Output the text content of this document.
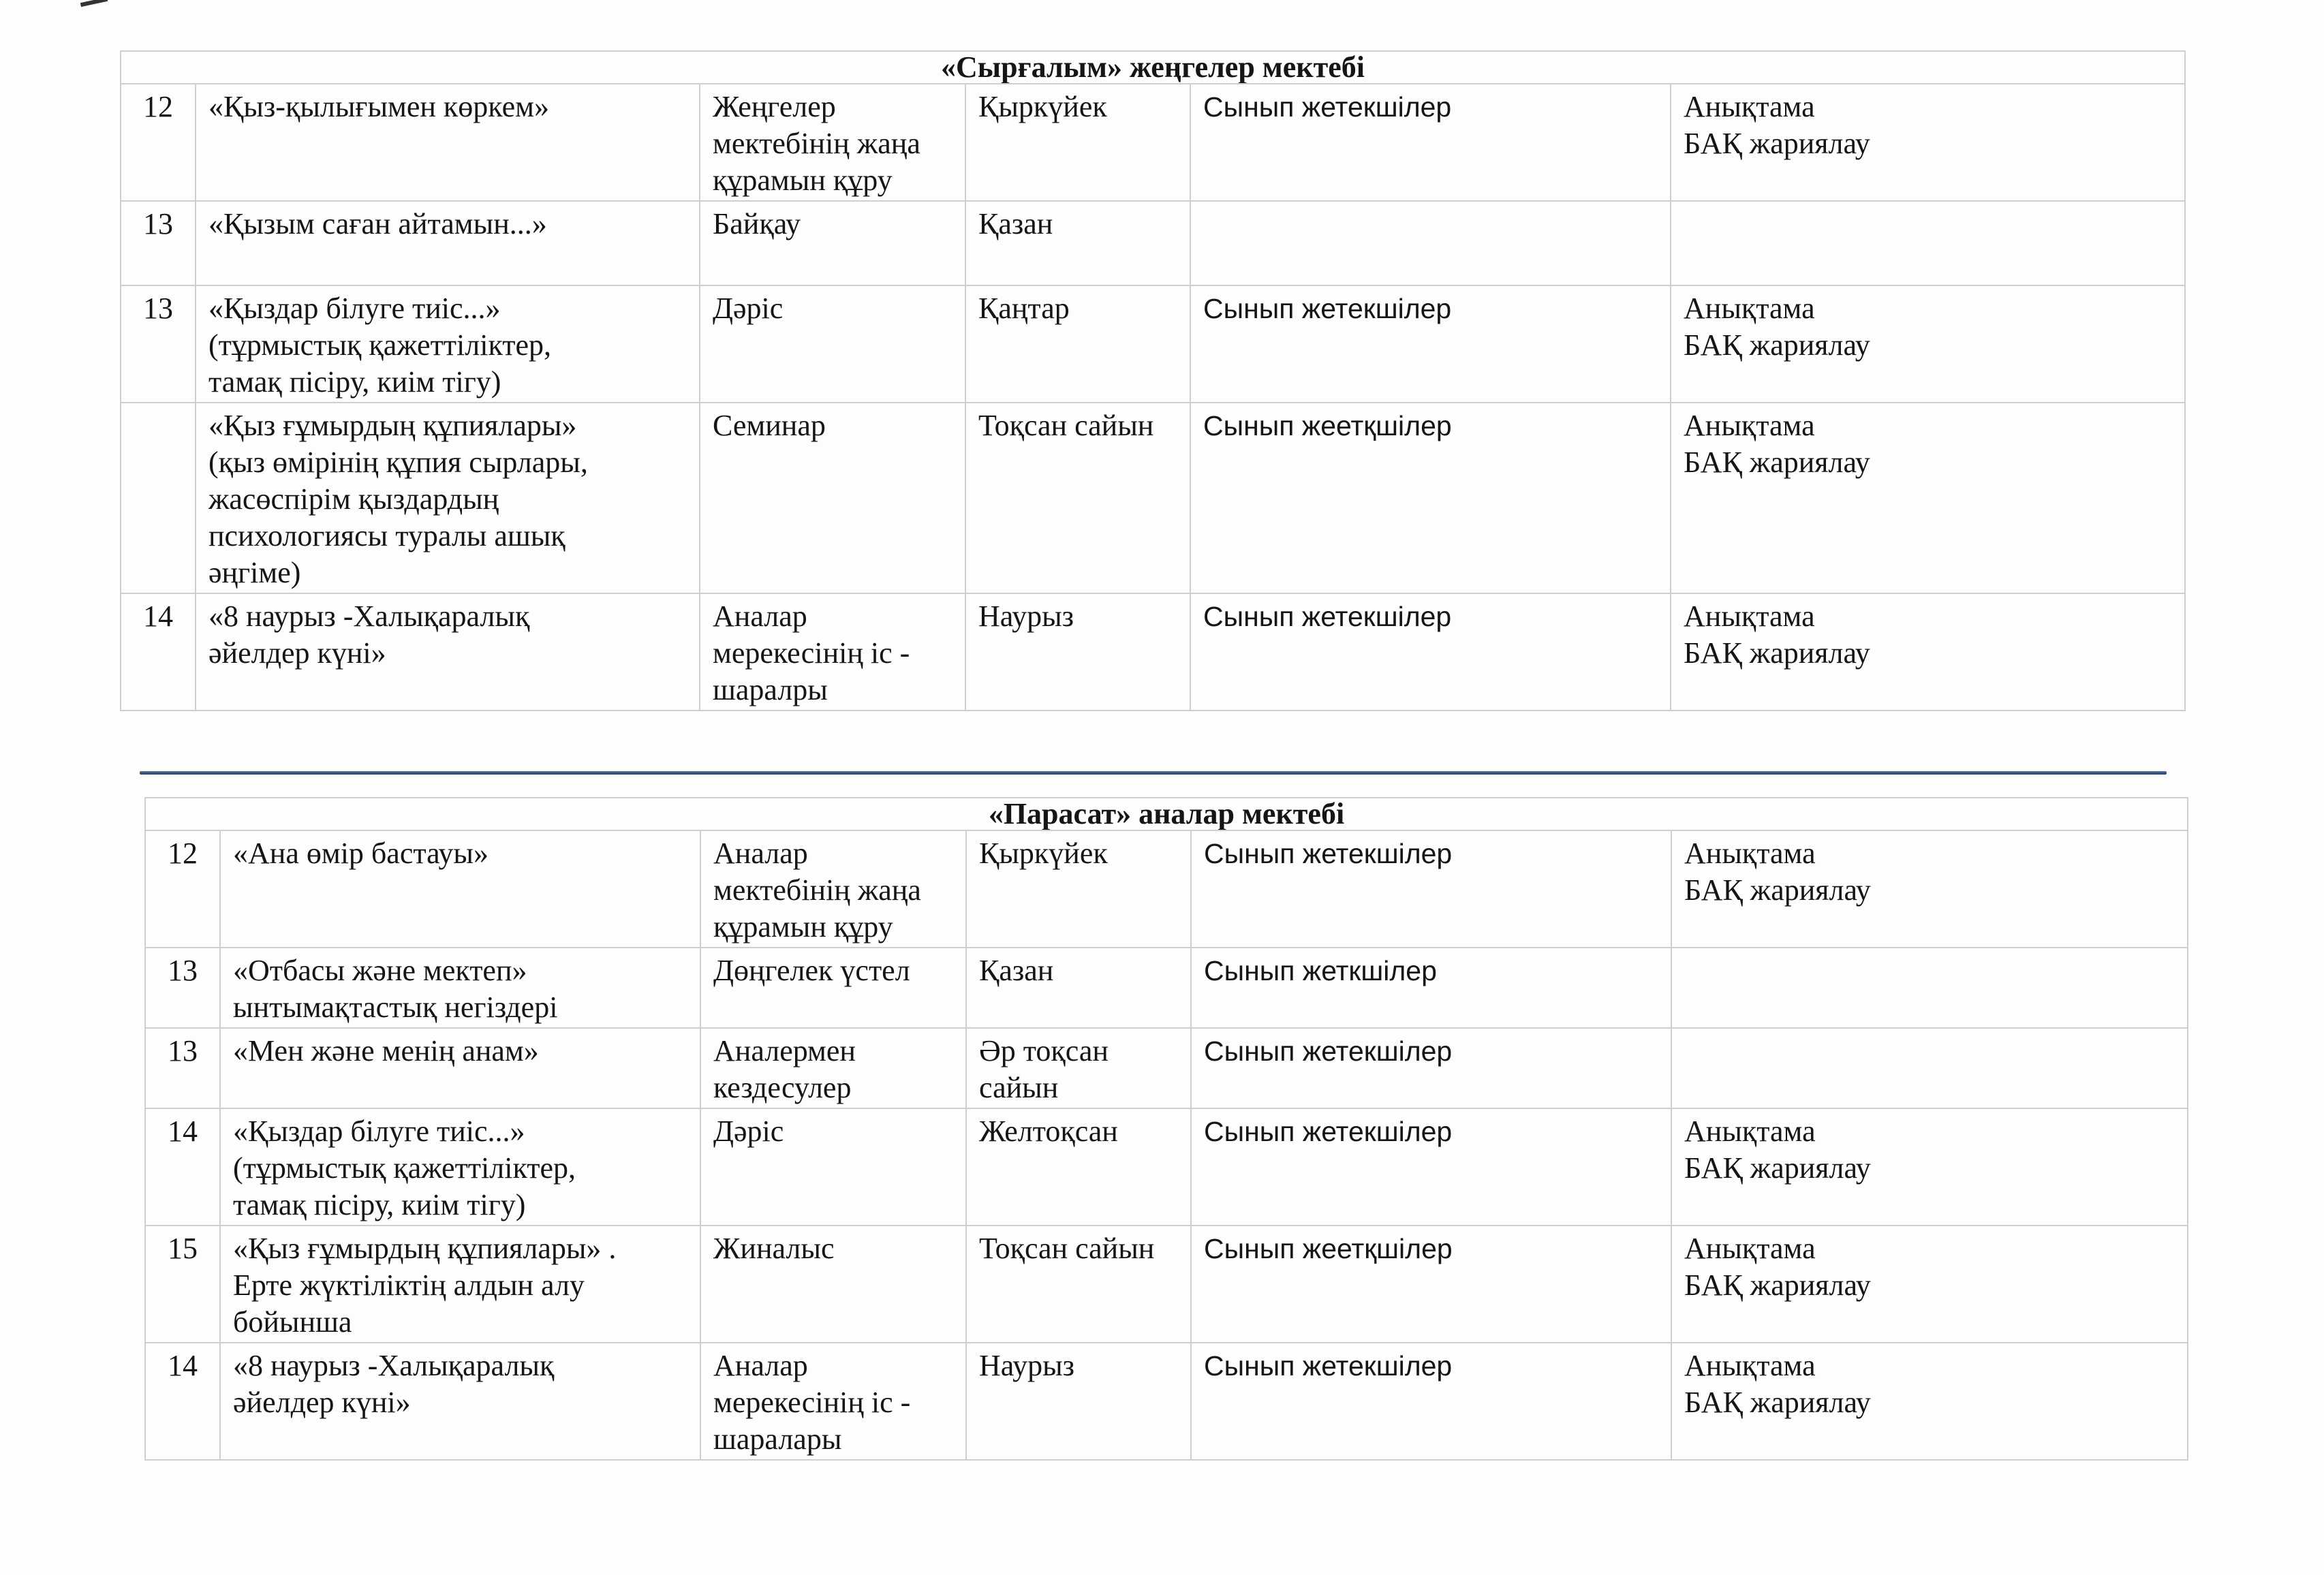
«Сырғалым» жеңгелер мектебі					
12	«Қыз-қылығымен көркем»	Жеңгелер
мектебінің жаңа
құрамын құру	Қыркүйек	Сынып жетекшілер	Анықтама
БАҚ жариялау
13	«Қызым саған айтамын...»	Байқау	Қазан		
13	«Қыздар білуге тиіс...»
(тұрмыстық қажеттіліктер,
тамақ пісіру, киім тігу)	Дәріс	Қаңтар	Сынып жетекшілер	Анықтама
БАҚ жариялау
	«Қыз ғұмырдың құпиялары»
(қыз өмірінің құпия сырлары,
жасөспірім қыздардың
психологиясы туралы ашық
әңгіме)	Семинар	Тоқсан сайын	Сынып жеетқшілер	Анықтама
БАҚ жариялау
14	«8 наурыз -Халықаралық
әйелдер күні»	Аналар
мерекесінің іс -
шаралры	Наурыз	Сынып жетекшілер	Анықтама
БАҚ жариялау
«Парасат» аналар мектебі					
12	«Ана өмір бастауы»	Аналар
мектебінің жаңа
құрамын құру	Қыркүйек	Сынып жетекшілер	Анықтама
БАҚ жариялау
13	«Отбасы және мектеп»
ынтымақтастық негіздері	Дөңгелек үстел	Қазан	Сынып жеткшілер	
13	«Мен және менің анам»	Аналермен
кездесулер	Әр тоқсан
сайын	Сынып жетекшілер	
14	«Қыздар білуге тиіс...»
(тұрмыстық қажеттіліктер,
тамақ пісіру, киім тігу)	Дәріс	Желтоқсан	Сынып жетекшілер	Анықтама
БАҚ жариялау
15	«Қыз ғұмырдың құпиялары» .
Ерте жүктіліктің алдын алу
бойынша	Жиналыс	Тоқсан сайын	Сынып жеетқшілер	Анықтама
БАҚ жариялау
14	«8 наурыз -Халықаралық
әйелдер күні»	Аналар
мерекесінің іс -
шаралары	Наурыз	Сынып жетекшілер	Анықтама
БАҚ жариялау
